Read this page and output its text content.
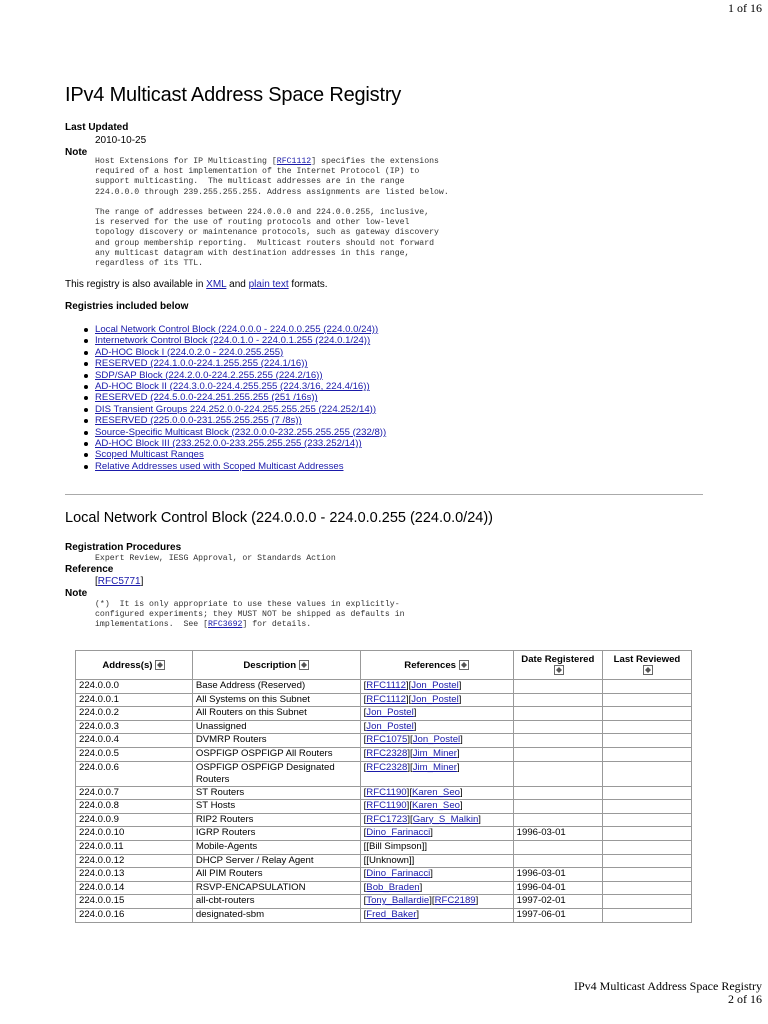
1 of 16
IPv4 Multicast Address Space Registry
Last Updated
2010-10-25
Note
Host Extensions for IP Multicasting [RFC1112] specifies the extensions
required of a host implementation of the Internet Protocol (IP) to
support multicasting.  The multicast addresses are in the range
224.0.0.0 through 239.255.255.255. Address assignments are listed below.

The range of addresses between 224.0.0.0 and 224.0.0.255, inclusive,
is reserved for the use of routing protocols and other low-level
topology discovery or maintenance protocols, such as gateway discovery
and group membership reporting.  Multicast routers should not forward
any multicast datagram with destination addresses in this range,
regardless of its TTL.
This registry is also available in XML and plain text formats.
Registries included below
Local Network Control Block (224.0.0.0 - 224.0.0.255 (224.0.0/24))
Internetwork Control Block (224.0.1.0 - 224.0.1.255 (224.0.1/24))
AD-HOC Block I (224.0.2.0 - 224.0.255.255)
RESERVED (224.1.0.0-224.1.255.255 (224.1/16))
SDP/SAP Block (224.2.0.0-224.2.255.255 (224.2/16))
AD-HOC Block II (224.3.0.0-224.4.255.255 (224.3/16, 224.4/16))
RESERVED (224.5.0.0-224.251.255.255 (251 /16s))
DIS Transient Groups 224.252.0.0-224.255.255.255 (224.252/14))
RESERVED (225.0.0.0-231.255.255.255 (7 /8s))
Source-Specific Multicast Block (232.0.0.0-232.255.255.255 (232/8))
AD-HOC Block III (233.252.0.0-233.255.255.255 (233.252/14))
Scoped Multicast Ranges
Relative Addresses used with Scoped Multicast Addresses
Local Network Control Block (224.0.0.0 - 224.0.0.255 (224.0.0/24))
Registration Procedures
Expert Review, IESG Approval, or Standards Action
Reference
[RFC5771]
Note
(*)  It is only appropriate to use these values in explicitly-
configured experiments; they MUST NOT be shipped as defaults in
implementations.  See [RFC3692] for details.
Address(s)	Description	References	Date Registered	Last Reviewed

224.0.0.0	Base Address (Reserved)	[RFC1112][Jon_Postel]		
224.0.0.1	All Systems on this Subnet	[RFC1112][Jon_Postel]		
224.0.0.2	All Routers on this Subnet	[Jon_Postel]		
224.0.0.3	Unassigned	[Jon_Postel]		
224.0.0.4	DVMRP Routers	[RFC1075][Jon_Postel]		
224.0.0.5	OSPFIGP OSPFIGP All Routers	[RFC2328][Jim_Miner]		
224.0.0.6	OSPFIGP OSPFIGP Designated Routers	[RFC2328][Jim_Miner]		
224.0.0.7	ST Routers	[RFC1190][Karen_Seo]		
224.0.0.8	ST Hosts	[RFC1190][Karen_Seo]		
224.0.0.9	RIP2 Routers	[RFC1723][Gary_S_Malkin]		
224.0.0.10	IGRP Routers	[Dino_Farinacci]	1996-03-01	
224.0.0.11	Mobile-Agents	[[Bill Simpson]]		
224.0.0.12	DHCP Server / Relay Agent	[[Unknown]]		
224.0.0.13	All PIM Routers	[Dino_Farinacci]	1996-03-01	
224.0.0.14	RSVP-ENCAPSULATION	[Bob_Braden]	1996-04-01	
224.0.0.15	all-cbt-routers	[Tony_Ballardie][RFC2189]	1997-02-01	
224.0.0.16	designated-sbm	[Fred_Baker]	1997-06-01	
IPv4 Multicast Address Space Registry
2 of 16
